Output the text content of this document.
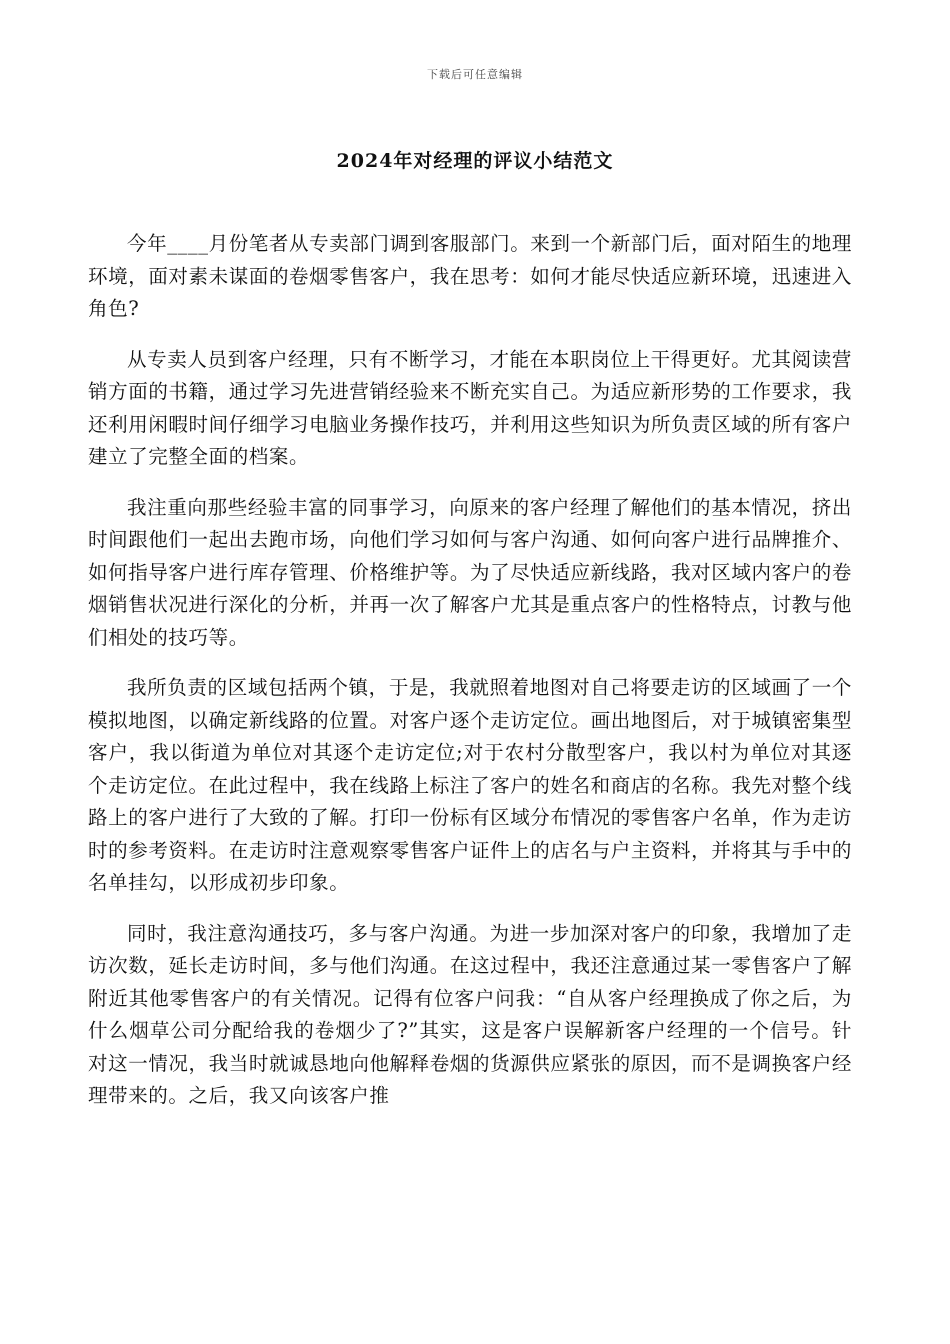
下载后可任意编辑
2024年对经理的评议小结范文

今年____月份笔者从专卖部门调到客服部门。来到一个新部门后，面对陌生的地理环境，面对素未谋面的卷烟零售客户，我在思考：如何才能尽快适应新环境，迅速进入角色?

从专卖人员到客户经理，只有不断学习，才能在本职岗位上干得更好。尤其阅读营销方面的书籍，通过学习先进营销经验来不断充实自己。为适应新形势的工作要求，我还利用闲暇时间仔细学习电脑业务操作技巧，并利用这些知识为所负责区域的所有客户建立了完整全面的档案。

我注重向那些经验丰富的同事学习，向原来的客户经理了解他们的基本情况，挤出时间跟他们一起出去跑市场，向他们学习如何与客户沟通、如何向客户进行品牌推介、如何指导客户进行库存管理、价格维护等。为了尽快适应新线路，我对区域内客户的卷烟销售状况进行深化的分析，并再一次了解客户尤其是重点客户的性格特点，讨教与他们相处的技巧等。

我所负责的区域包括两个镇，于是，我就照着地图对自己将要走访的区域画了一个模拟地图，以确定新线路的位置。对客户逐个走访定位。画出地图后，对于城镇密集型客户，我以街道为单位对其逐个走访定位;对于农村分散型客户，我以村为单位对其逐个走访定位。在此过程中，我在线路上标注了客户的姓名和商店的名称。我先对整个线路上的客户进行了大致的了解。打印一份标有区域分布情况的零售客户名单，作为走访时的参考资料。在走访时注意观察零售客户证件上的店名与户主资料，并将其与手中的名单挂勾，以形成初步印象。

同时，我注意沟通技巧，多与客户沟通。为进一步加深对客户的印象，我增加了走访次数，延长走访时间，多与他们沟通。在这过程中，我还注意通过某一零售客户了解附近其他零售客户的有关情况。记得有位客户问我：“自从客户经理换成了你之后，为什么烟草公司分配给我的卷烟少了?”其实，这是客户误解新客户经理的一个信号。针对这一情况，我当时就诚恳地向他解释卷烟的货源供应紧张的原因，而不是调换客户经理带来的。之后，我又向该客户推
